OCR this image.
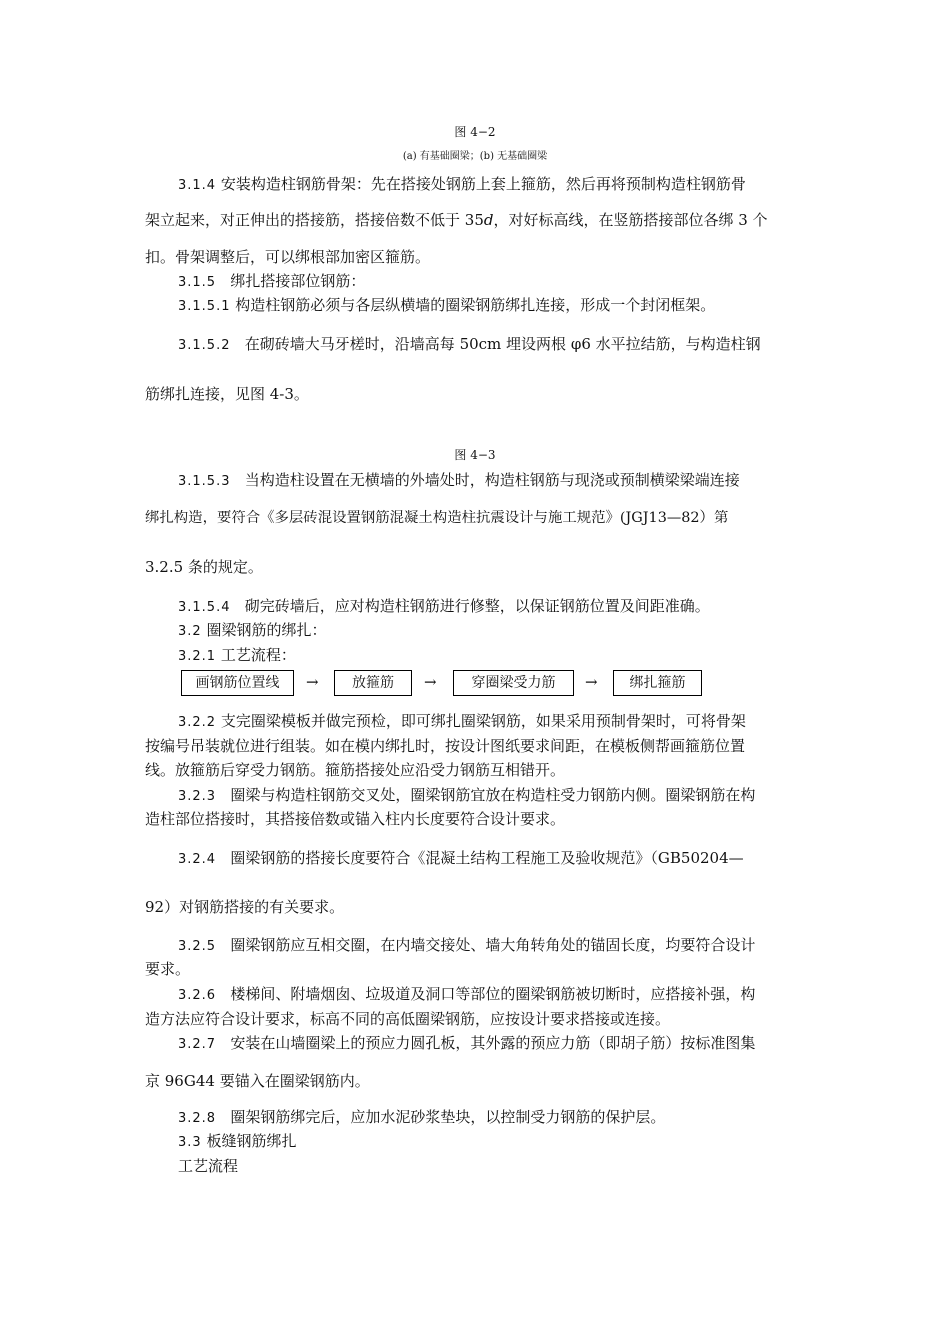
图 4−2
(a) 有基础圈梁；(b) 无基础圈梁
3.1.4 安装构造柱钢筋骨架：先在搭接处钢筋上套上箍筋，然后再将预制构造柱钢筋骨
架立起来，对正伸出的搭接筋，搭接倍数不低于 35d，对好标高线，在竖筋搭接部位各绑 3 个
扣。骨架调整后，可以绑根部加密区箍筋。
3.1.5 绑扎搭接部位钢筋：
3.1.5.1 构造柱钢筋必须与各层纵横墙的圈梁钢筋绑扎连接，形成一个封闭框架。
3.1.5.2 在砌砖墙大马牙槎时，沿墙高每 50cm 埋设两根 φ6 水平拉结筋，与构造柱钢
筋绑扎连接，见图 4-3。
图 4−3
3.1.5.3 当构造柱设置在无横墙的外墙处时，构造柱钢筋与现浇或预制横梁梁端连接
绑扎构造，要符合《多层砖混设置钢筋混凝土构造柱抗震设计与施工规范》(JGJ13—82）第
3.2.5 条的规定。
3.1.5.4 砌完砖墙后，应对构造柱钢筋进行修整，以保证钢筋位置及间距准确。
3.2 圈梁钢筋的绑扎：
3.2.1 工艺流程：
画钢筋位置线	→	放箍筋	→	穿圈梁受力筋	→	绑扎箍筋
3.2.2 支完圈梁模板并做完预检，即可绑扎圈梁钢筋，如果采用预制骨架时，可将骨架
按编号吊装就位进行组装。如在模内绑扎时，按设计图纸要求间距，在模板侧帮画箍筋位置
线。放箍筋后穿受力钢筋。箍筋搭接处应沿受力钢筋互相错开。
3.2.3 圈梁与构造柱钢筋交叉处，圈梁钢筋宜放在构造柱受力钢筋内侧。圈梁钢筋在构
造柱部位搭接时，其搭接倍数或锚入柱内长度要符合设计要求。
3.2.4 圈梁钢筋的搭接长度要符合《混凝土结构工程施工及验收规范》（GB50204—
92）对钢筋搭接的有关要求。
3.2.5 圈梁钢筋应互相交圈，在内墙交接处、墙大角转角处的锚固长度，均要符合设计
要求。
3.2.6 楼梯间、附墙烟囱、垃圾道及洞口等部位的圈梁钢筋被切断时，应搭接补强，构
造方法应符合设计要求，标高不同的高低圈梁钢筋，应按设计要求搭接或连接。
3.2.7 安装在山墙圈梁上的预应力圆孔板，其外露的预应力筋（即胡子筋）按标准图集
京 96G44 要锚入在圈梁钢筋内。
3.2.8 圈架钢筋绑完后，应加水泥砂浆垫块，以控制受力钢筋的保护层。
3.3 板缝钢筋绑扎
工艺流程
